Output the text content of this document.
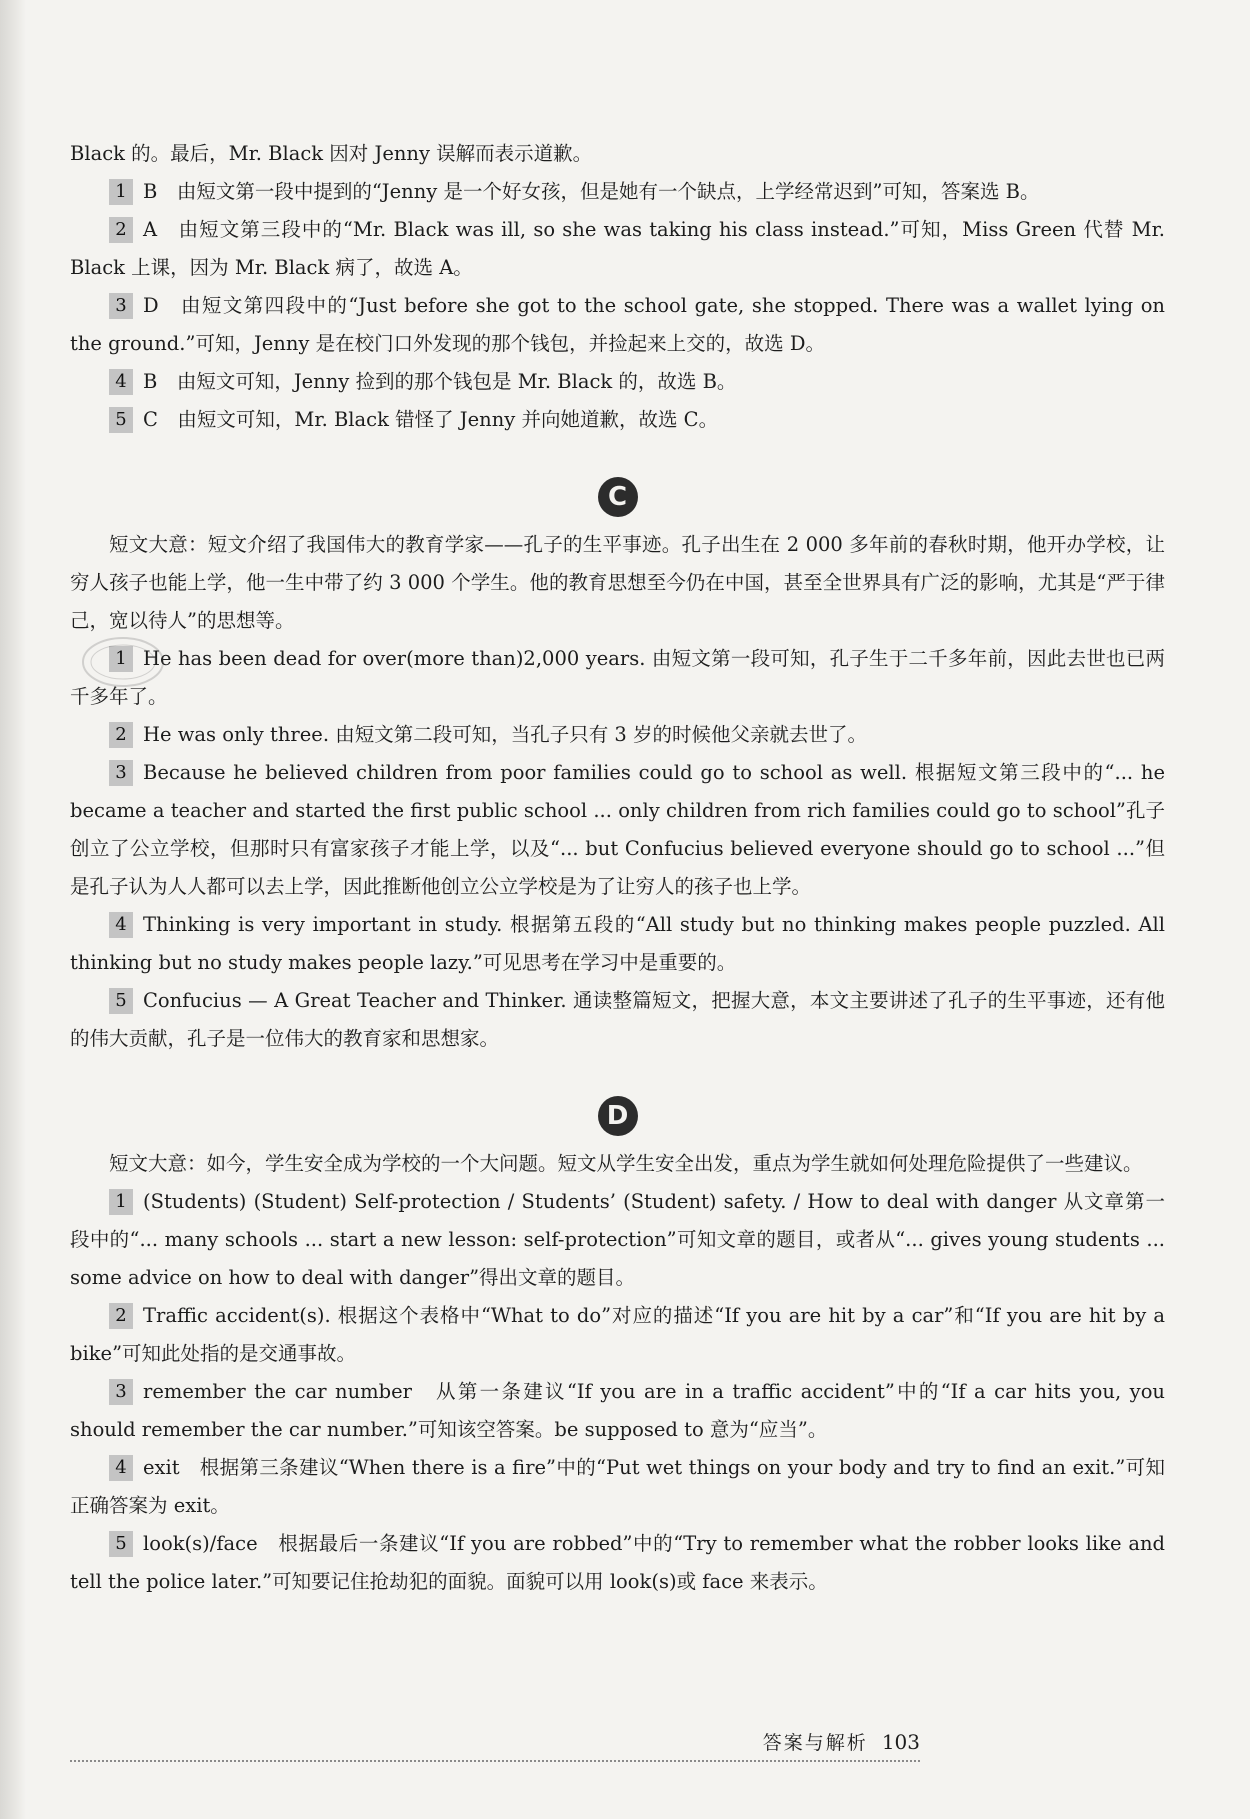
Black 的。最后，Mr. Black 因对 Jenny 误解而表示道歉。

1 B　由短文第一段中提到的“Jenny 是一个好女孩，但是她有一个缺点，上学经常迟到”可知，答案选 B。

2 A　由短文第三段中的“Mr. Black was ill, so she was taking his class instead.”可知，Miss Green 代替 Mr. Black 上课，因为 Mr. Black 病了，故选 A。

3 D　由短文第四段中的“Just before she got to the school gate, she stopped. There was a wallet lying on the ground.”可知，Jenny 是在校门口外发现的那个钱包，并捡起来上交的，故选 D。

4 B　由短文可知，Jenny 捡到的那个钱包是 Mr. Black 的，故选 B。

5 C　由短文可知，Mr. Black 错怪了 Jenny 并向她道歉，故选 C。

C

短文大意：短文介绍了我国伟大的教育学家——孔子的生平事迹。孔子出生在 2 000 多年前的春秋时期，他开办学校，让穷人孩子也能上学，他一生中带了约 3 000 个学生。他的教育思想至今仍在中国，甚至全世界具有广泛的影响，尤其是“严于律己，宽以待人”的思想等。

1 He has been dead for over(more than)2,000 years. 由短文第一段可知，孔子生于二千多年前，因此去世也已两千多年了。

2 He was only three. 由短文第二段可知，当孔子只有 3 岁的时候他父亲就去世了。

3 Because he believed children from poor families could go to school as well. 根据短文第三段中的“... he became a teacher and started the first public school ... only children from rich families could go to school”孔子创立了公立学校，但那时只有富家孩子才能上学，以及“... but Confucius believed everyone should go to school ...”但是孔子认为人人都可以去上学，因此推断他创立公立学校是为了让穷人的孩子也上学。

4 Thinking is very important in study. 根据第五段的“All study but no thinking makes people puzzled. All thinking but no study makes people lazy.”可见思考在学习中是重要的。

5 Confucius — A Great Teacher and Thinker. 通读整篇短文，把握大意，本文主要讲述了孔子的生平事迹，还有他的伟大贡献，孔子是一位伟大的教育家和思想家。

D

短文大意：如今，学生安全成为学校的一个大问题。短文从学生安全出发，重点为学生就如何处理危险提供了一些建议。

1 (Students) (Student) Self-protection / Students’ (Student) safety. / How to deal with danger 从文章第一段中的“... many schools ... start a new lesson: self-protection”可知文章的题目，或者从“... gives young students ... some advice on how to deal with danger”得出文章的题目。

2 Traffic accident(s). 根据这个表格中“What to do”对应的描述“If you are hit by a car”和“If you are hit by a bike”可知此处指的是交通事故。

3 remember the car number　从第一条建议“If you are in a traffic accident”中的“If a car hits you, you should remember the car number.”可知该空答案。be supposed to 意为“应当”。

4 exit　根据第三条建议“When there is a fire”中的“Put wet things on your body and try to find an exit.”可知正确答案为 exit。

5 look(s)/face　根据最后一条建议“If you are robbed”中的“Try to remember what the robber looks like and tell the police later.”可知要记住抢劫犯的面貌。面貌可以用 look(s)或 face 来表示。

答案与解析 103
